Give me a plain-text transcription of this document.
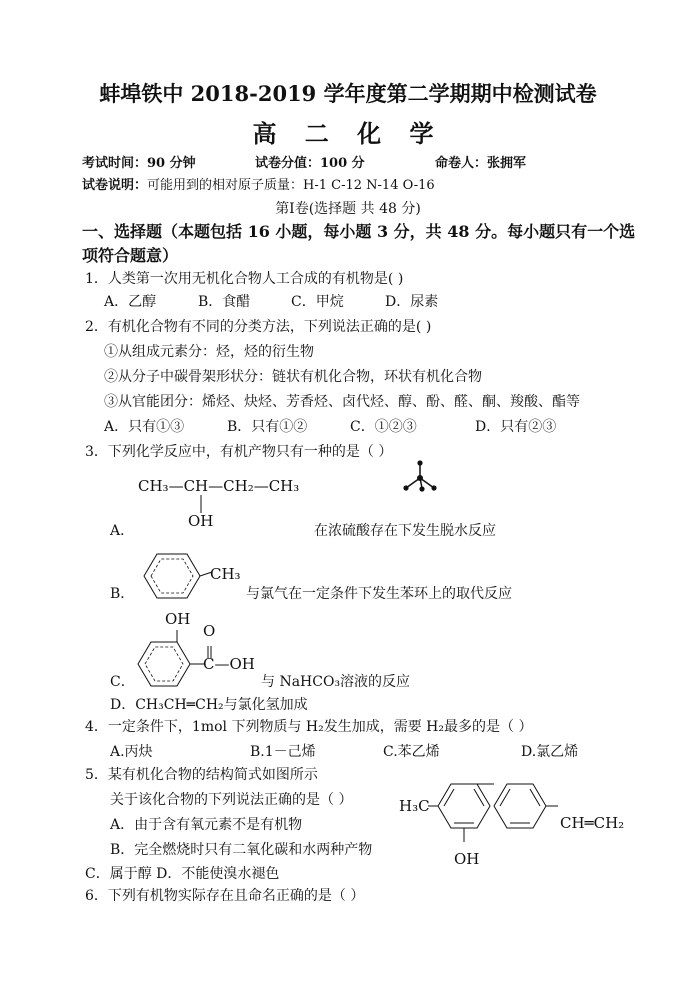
蚌埠铁中 2018-2019 学年度第二学期期中检测试卷
高 二 化 学
考试时间：90 分钟	试卷分值：100 分	命卷人：张拥军
试卷说明：可能用到的相对原子质量：H-1 C-12 N-14 O-16
第Ⅰ卷(选择题 共 48 分)
一、选择题（本题包括 16 小题，每小题 3 分，共 48 分。每小题只有一个选
项符合题意）
1．人类第一次用无机化合物人工合成的有机物是( )
A．乙醇	B．食醋	C．甲烷	D．尿素
2．有机化合物有不同的分类方法，下列说法正确的是( )
①从组成元素分：烃，烃的衍生物
②从分子中碳骨架形状分：链状有机化合物，环状有机化合物
③从官能团分：烯烃、炔烃、芳香烃、卤代烃、醇、酚、醛、酮、羧酸、酯等
A．只有①③	B．只有①②	C．①②③	D．只有②③
3．下列化学反应中，有机产物只有一种的是（ ）
CH₃—CH—CH₂—CH₃
OH
A．	在浓硫酸存在下发生脱水反应
B．
CH₃
与氯气在一定条件下发生苯环上的取代反应
OH
O
C—OH
C．	与 NaHCO₃溶液的反应
D．CH₃CH═CH₂与氯化氢加成
4．一定条件下，1mol 下列物质与 H₂发生加成，需要 H₂最多的是（ ）
A.丙炔	B.1－己烯	C.苯乙烯	D.氯乙烯
5．某有机化合物的结构简式如图所示
关于该化合物的下列说法正确的是（ ）
A．由于含有氧元素不是有机物
B．完全燃烧时只有二氧化碳和水两种产物
C．属于醇 D．不能使溴水褪色
H₃C
OH
CH═CH₂
6．下列有机物实际存在且命名正确的是（ ）
